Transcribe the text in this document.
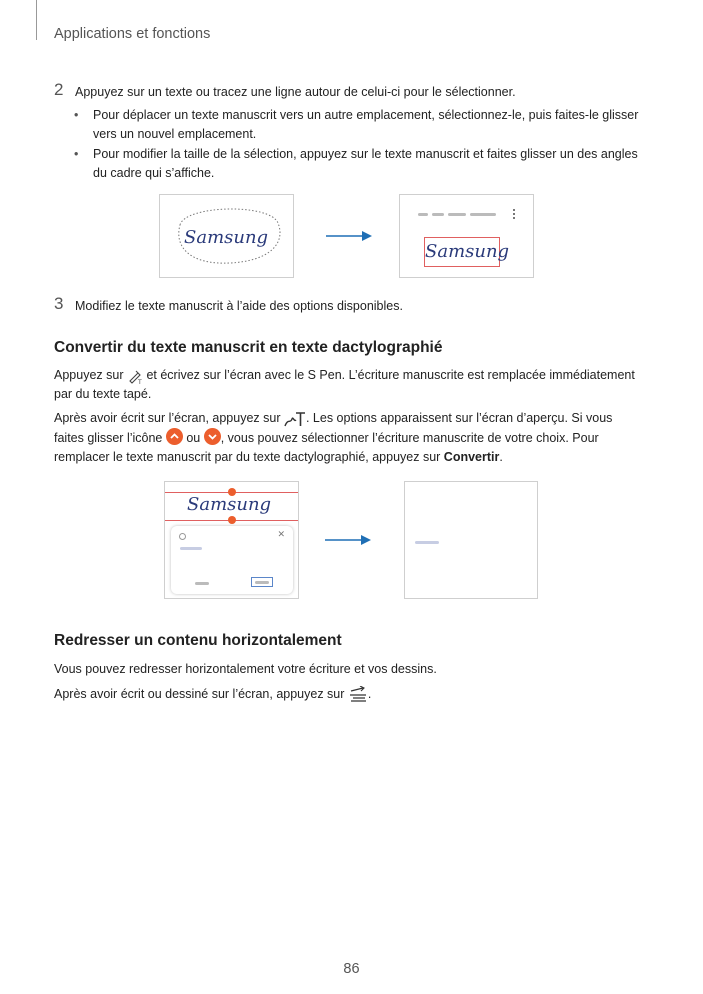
Applications et fonctions
2 Appuyez sur un texte ou tracez une ligne autour de celui-ci pour le sélectionner.
• Pour déplacer un texte manuscrit vers un autre emplacement, sélectionnez-le, puis faites-le glisser vers un nouvel emplacement.
• Pour modifier la taille de la sélection, appuyez sur le texte manuscrit et faites glisser un des angles du cadre qui s’affiche.
Samsung
Samsung
3 Modifiez le texte manuscrit à l’aide des options disponibles.
Convertir du texte manuscrit en texte dactylographié
Appuyez sur
T
et écrivez sur l’écran avec le S Pen. L’écriture manuscrite est remplacée immédiatement par du texte tapé.
Après avoir écrit sur l’écran, appuyez sur . Les options apparaissent sur l’écran d’aperçu. Si vous faites glisser l’icône
ou
, vous pouvez sélectionner l’écriture manuscrite de votre choix. Pour remplacer le texte manuscrit par du texte dactylographié, appuyez sur Convertir.
Samsung
✕
Redresser un contenu horizontalement
Vous pouvez redresser horizontalement votre écriture et vos dessins.
Après avoir écrit ou dessiné sur l’écran, appuyez sur .
86
